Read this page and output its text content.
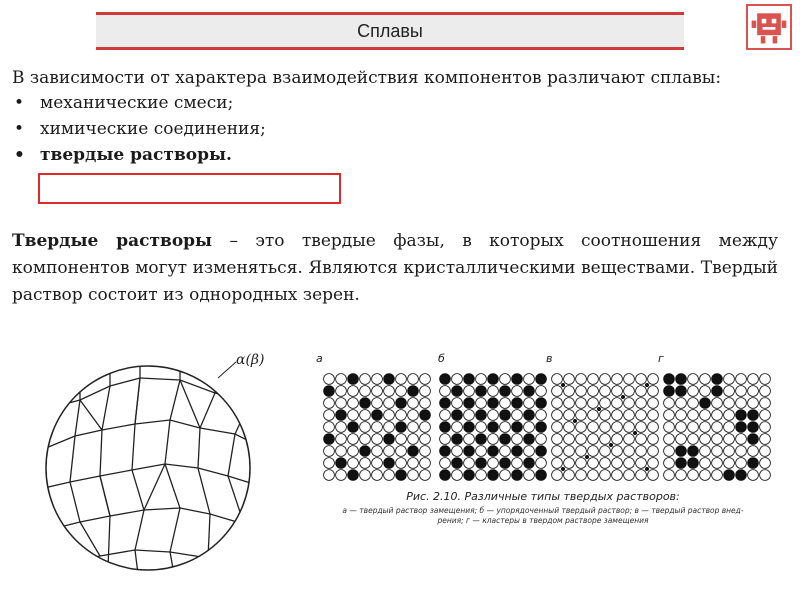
Сплавы

В зависимости от характера взаимодействия компонентов различают сплавы:

• механические смеси;
• химические соединения;
• твердые растворы.
Твердые растворы – это твердые фазы, в которых соотношения между компонентов могут изменяться. Являются кристаллическими веществами. Твердый раствор состоит из однородных зерен.
α(β)	а	б	в	г
Рис. 2.10. Различные типы твердых растворов:
а — твердый раствор замещения; б — упорядоченный твердый раствор; в — твердый раствор внед-
рения; г — кластеры в твердом растворе замещения
